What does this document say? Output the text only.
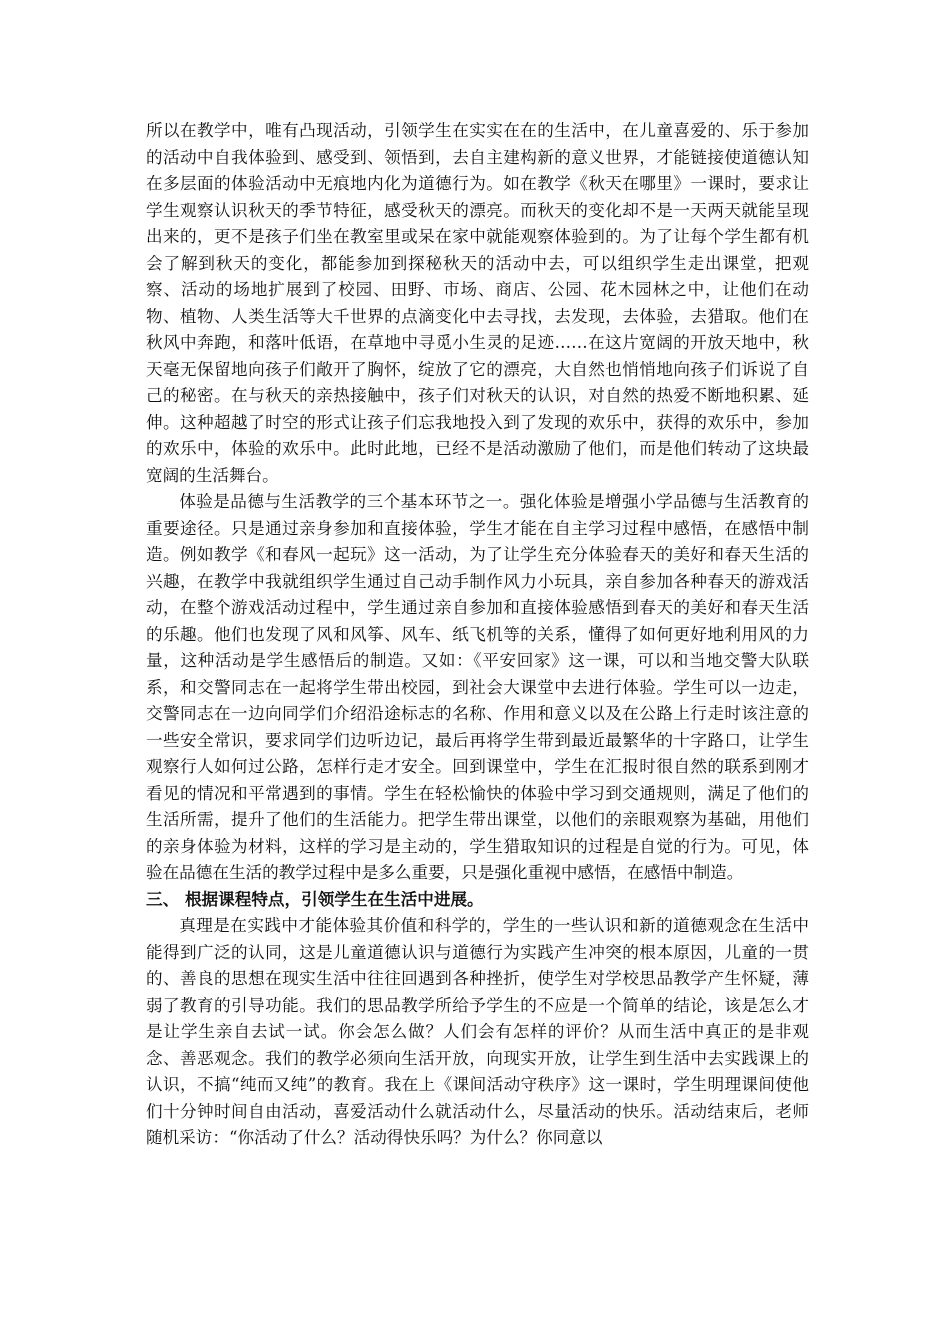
所以在教学中，唯有凸现活动，引领学生在实实在在的生活中，在儿童喜爱的、乐于参加的活动中自我体验到、感受到、领悟到，去自主建构新的意义世界，才能链接使道德认知在多层面的体验活动中无痕地内化为道德行为。如在教学《秋天在哪里》一课时，要求让学生观察认识秋天的季节特征，感受秋天的漂亮。而秋天的变化却不是一天两天就能呈现出来的，更不是孩子们坐在教室里或呆在家中就能观察体验到的。为了让每个学生都有机会了解到秋天的变化，都能参加到探秘秋天的活动中去，可以组织学生走出课堂，把观察、活动的场地扩展到了校园、田野、市场、商店、公园、花木园林之中，让他们在动物、植物、人类生活等大千世界的点滴变化中去寻找，去发现，去体验，去猎取。他们在秋风中奔跑，和落叶低语，在草地中寻觅小生灵的足迹……在这片宽阔的开放天地中，秋天毫无保留地向孩子们敞开了胸怀，绽放了它的漂亮，大自然也悄悄地向孩子们诉说了自己的秘密。在与秋天的亲热接触中，孩子们对秋天的认识，对自然的热爱不断地积累、延伸。这种超越了时空的形式让孩子们忘我地投入到了发现的欢乐中，获得的欢乐中，参加的欢乐中，体验的欢乐中。此时此地，已经不是活动激励了他们，而是他们转动了这块最宽阔的生活舞台。

体验是品德与生活教学的三个基本环节之一。强化体验是增强小学品德与生活教育的重要途径。只是通过亲身参加和直接体验，学生才能在自主学习过程中感悟，在感悟中制造。例如教学《和春风一起玩》这一活动，为了让学生充分体验春天的美好和春天生活的兴趣，在教学中我就组织学生通过自己动手制作风力小玩具，亲自参加各种春天的游戏活动，在整个游戏活动过程中，学生通过亲自参加和直接体验感悟到春天的美好和春天生活的乐趣。他们也发现了风和风筝、风车、纸飞机等的关系，懂得了如何更好地利用风的力量，这种活动是学生感悟后的制造。又如：《平安回家》这一课，可以和当地交警大队联系，和交警同志在一起将学生带出校园，到社会大课堂中去进行体验。学生可以一边走，交警同志在一边向同学们介绍沿途标志的名称、作用和意义以及在公路上行走时该注意的一些安全常识，要求同学们边听边记，最后再将学生带到最近最繁华的十字路口，让学生观察行人如何过公路，怎样行走才安全。回到课堂中，学生在汇报时很自然的联系到刚才看见的情况和平常遇到的事情。学生在轻松愉快的体验中学习到交通规则，满足了他们的生活所需，提升了他们的生活能力。把学生带出课堂，以他们的亲眼观察为基础，用他们的亲身体验为材料，这样的学习是主动的，学生猎取知识的过程是自觉的行为。可见，体验在品德在生活的教学过程中是多么重要，只是强化重视中感悟，在感悟中制造。

三、 根据课程特点，引领学生在生活中进展。

真理是在实践中才能体验其价值和科学的，学生的一些认识和新的道德观念在生活中能得到广泛的认同，这是儿童道德认识与道德行为实践产生冲突的根本原因，儿童的一贯的、善良的思想在现实生活中往往回遇到各种挫折，使学生对学校思品教学产生怀疑，薄弱了教育的引导功能。我们的思品教学所给予学生的不应是一个简单的结论，该是怎么才是让学生亲自去试一试。你会怎么做？人们会有怎样的评价？从而生活中真正的是非观念、善恶观念。我们的教学必须向生活开放，向现实开放，让学生到生活中去实践课上的认识，不搞“纯而又纯”的教育。我在上《课间活动守秩序》这一课时，学生明理课间使他们十分钟时间自由活动，喜爱活动什么就活动什么，尽量活动的快乐。活动结束后，老师随机采访：“你活动了什么？活动得快乐吗？为什么？你同意以
